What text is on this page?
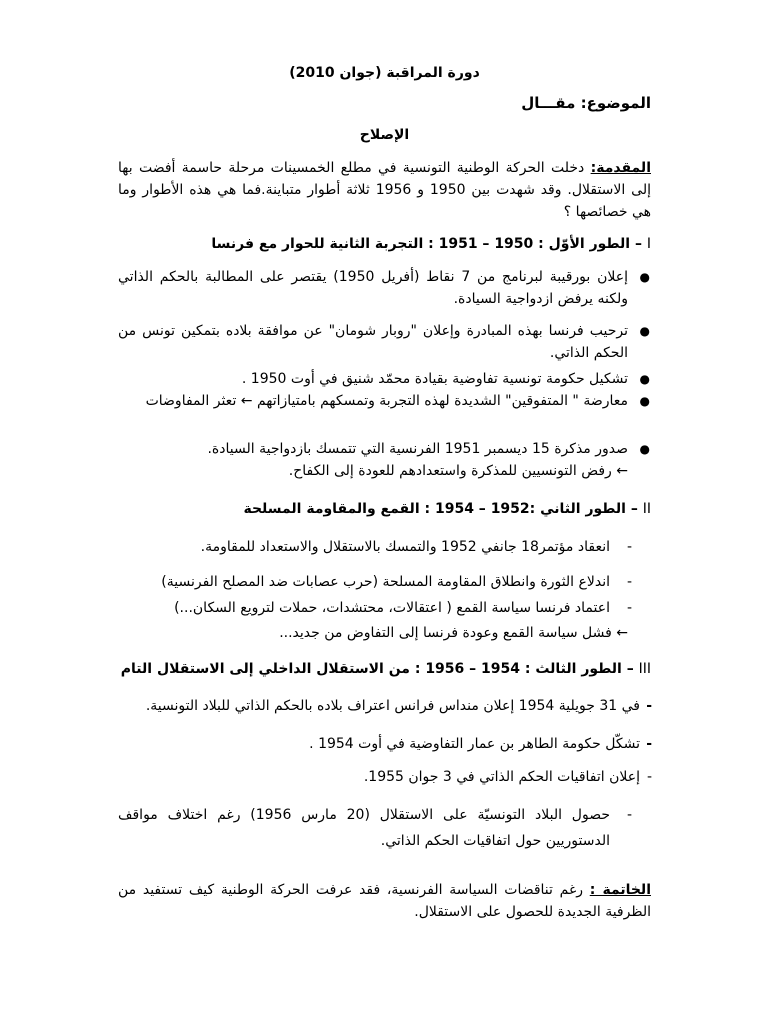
دورة المراقبة (جوان 2010)
الموضوع: مقـــال
الإصلاح
المقدمة: دخلت الحركة الوطنية التونسية في مطلع الخمسينات مرحلة حاسمة أفضت بها إلى الاستقلال. وقد شهدت بين 1950 و 1956 ثلاثة أطوار متباينة.فما هي هذه الأطوار وما هي خصائصها ؟
I – الطور الأوّل : 1950 – 1951 : التجربة الثانية للحوار مع فرنسا
●
إعلان بورقيبة لبرنامج من 7 نقاط (أفريل 1950) يقتصر على المطالبة بالحكم الذاتي ولكنه يرفض ازدواجية السيادة.
●
ترحيب فرنسا بهذه المبادرة وإعلان "روبار شومان" عن موافقة بلاده بتمكين تونس من الحكم الذاتي.
●
تشكيل حكومة تونسية تفاوضية بقيادة محمّد شنيق في أوت 1950 .
●
معارضة " المتفوقين" الشديدة لهذه التجربة وتمسكهم بامتيازاتهم ← تعثر المفاوضات
●
صدور مذكرة 15 ديسمبر 1951 الفرنسية التي تتمسك بازدواجية السيادة.
← رفض التونسيين للمذكرة واستعدادهم للعودة إلى الكفاح.
II – الطور الثاني :1952 – 1954 : القمع والمقاومة المسلحة
-
انعقاد مؤتمر18 جانفي 1952 والتمسك بالاستقلال والاستعداد للمقاومة.
-
اندلاع الثورة وانطلاق المقاومة المسلحة (حرب عصابات ضد المصلح الفرنسية)
-
اعتماد فرنسا سياسة القمع ( اعتقالات، محتشدات، حملات لترويع السكان...)
← فشل سياسة القمع وعودة فرنسا إلى التفاوض من جديد...
III – الطور الثالث : 1954 – 1956 : من الاستقلال الداخلي إلى الاستقلال التام
-
في 31 جويلية 1954 إعلان منداس فرانس اعتراف بلاده بالحكم الذاتي للبلاد التونسية.
-
تشكّل حكومة الطاهر بن عمار التفاوضية في أوت 1954 .
-
إعلان اتفاقيات الحكم الذاتي في 3 جوان 1955.
-
حصول البلاد التونسيّة على الاستقلال (20 مارس 1956) رغم اختلاف مواقف الدستوريين حول اتفاقيات الحكم الذاتي.
الخاتمة : رغم تناقضات السياسة الفرنسية، فقد عرفت الحركة الوطنية كيف تستفيد من الظرفية الجديدة للحصول على الاستقلال.
